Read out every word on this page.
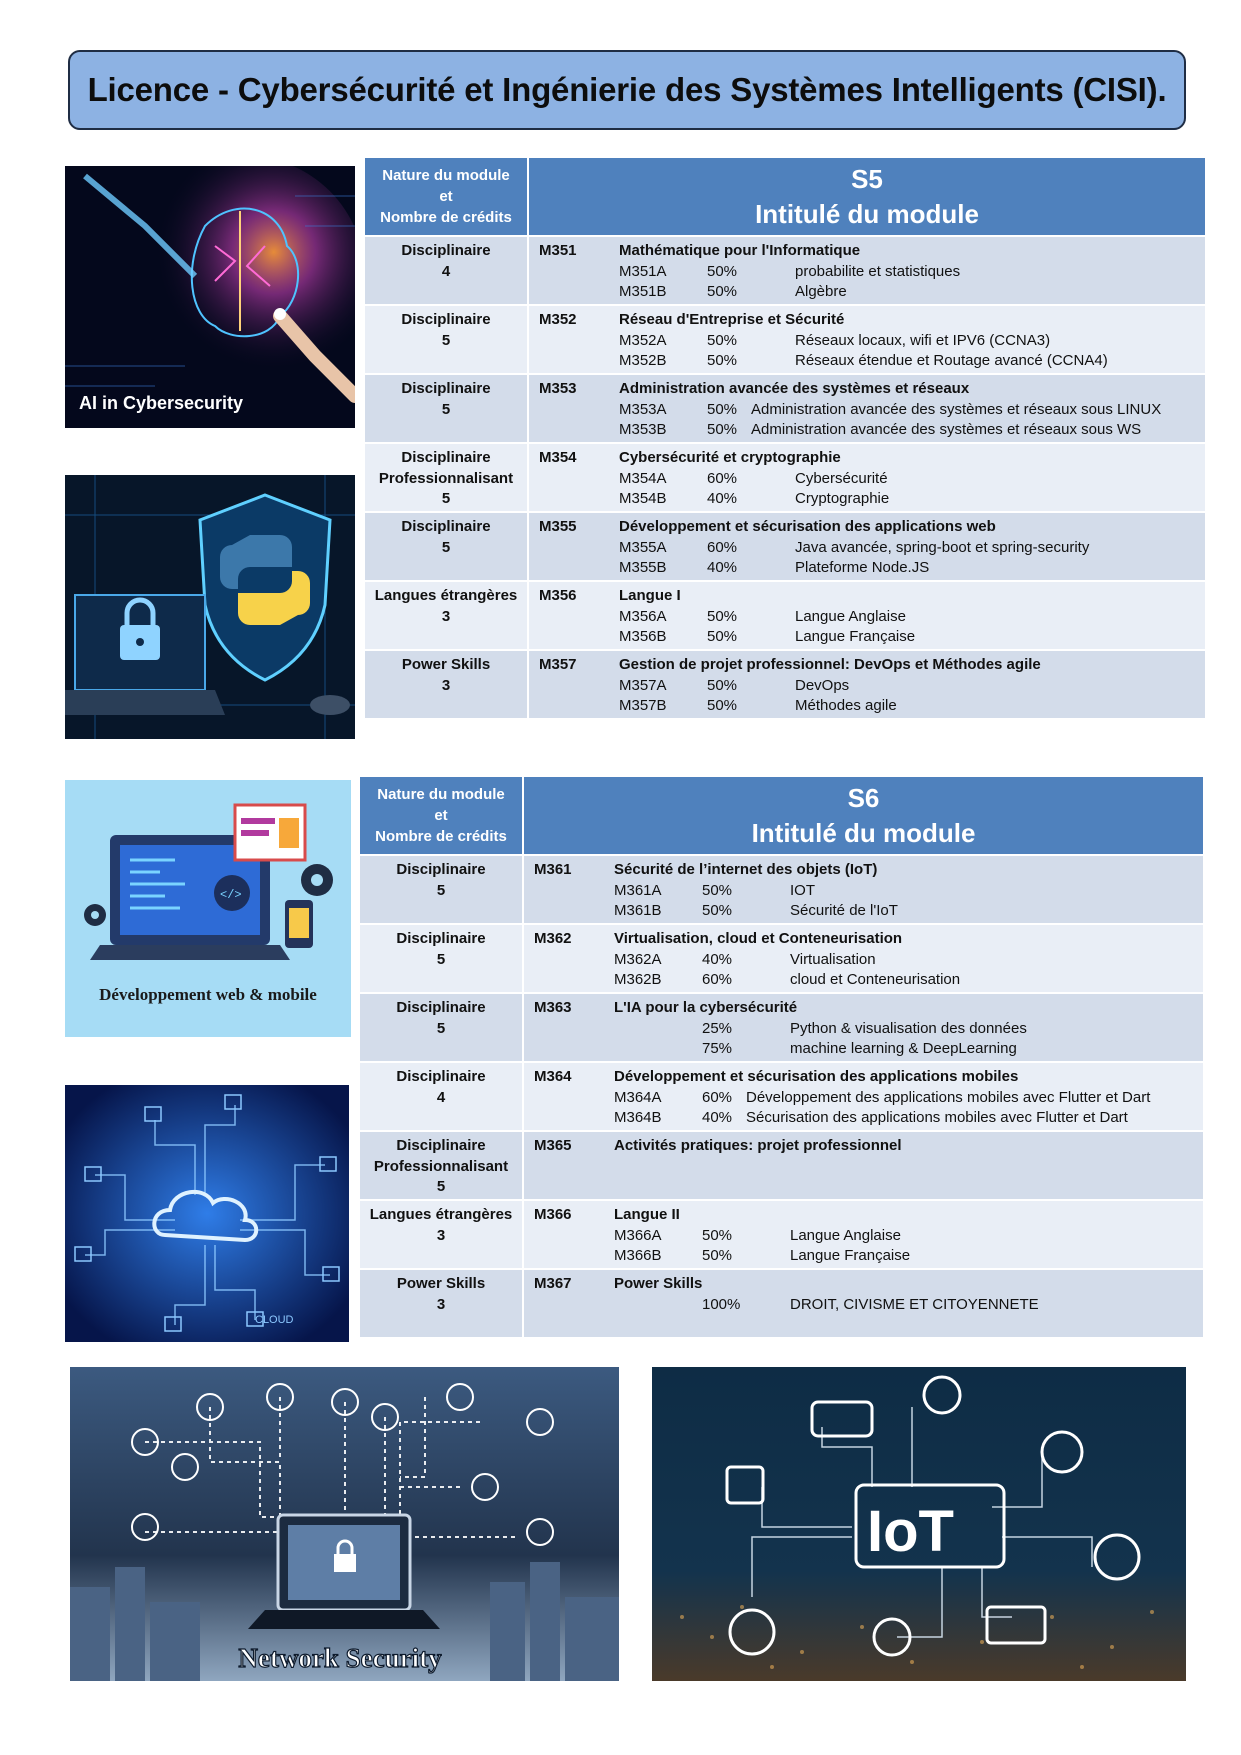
Licence - Cybersécurité et Ingénierie des Systèmes Intelligents (CISI).
Nature du module
et
Nombre de crédits
S5
Intitulé du module
Disciplinaire
4
M351	Mathématique pour l'Informatique
M351A	50%	probabilite et statistiques
M351B	50%	Algèbre
Disciplinaire
5
M352	Réseau d'Entreprise et Sécurité
M352A	50%	Réseaux locaux, wifi et IPV6 (CCNA3)
M352B	50%	Réseaux étendue et Routage avancé (CCNA4)
Disciplinaire
5
M353	Administration avancée des systèmes et réseaux
M353A	50% Administration avancée des systèmes et réseaux sous LINUX
M353B	50% Administration avancée des systèmes et réseaux sous WS
Disciplinaire
Professionnalisant
5
M354	Cybersécurité et cryptographie
M354A	60%	Cybersécurité
M354B	40%	Cryptographie
Disciplinaire
5
M355	Développement et sécurisation des applications web
M355A	60%	Java avancée, spring-boot et spring-security
M355B	40%	Plateforme Node.JS
Langues étrangères
3
M356	Langue I
M356A	50%	Langue Anglaise
M356B	50%	Langue Française
Power Skills
3
M357	Gestion de projet professionnel: DevOps et Méthodes agile
M357A	50%	DevOps
M357B	50%	Méthodes agile
Nature du module
et
Nombre de crédits
S6
Intitulé du module
Disciplinaire
5
M361	Sécurité de l’internet des objets (IoT)
M361A	50%	IOT
M361B	50%	Sécurité de l'IoT
Disciplinaire
5
M362	Virtualisation, cloud et Conteneurisation
M362A	40%	Virtualisation
M362B	60%	cloud et Conteneurisation
Disciplinaire
5
M363	L'IA pour la cybersécurité
25%	Python & visualisation des données
75%	machine learning & DeepLearning
Disciplinaire
4
M364	Développement et sécurisation des applications mobiles
M364A	60% Développement des applications mobiles avec Flutter et Dart
M364B	40% Sécurisation des applications mobiles avec Flutter et Dart
Disciplinaire
Professionnalisant
5
M365	Activités pratiques: projet professionnel
Langues étrangères
3
M366	Langue II
M366A	50%	Langue Anglaise
M366B	50%	Langue Française
Power Skills
3
M367	Power Skills
100%	DROIT, CIVISME ET CITOYENNETE
AI in Cybersecurity
</>
Développement web & mobile
CLOUD
Network Security
IoT
